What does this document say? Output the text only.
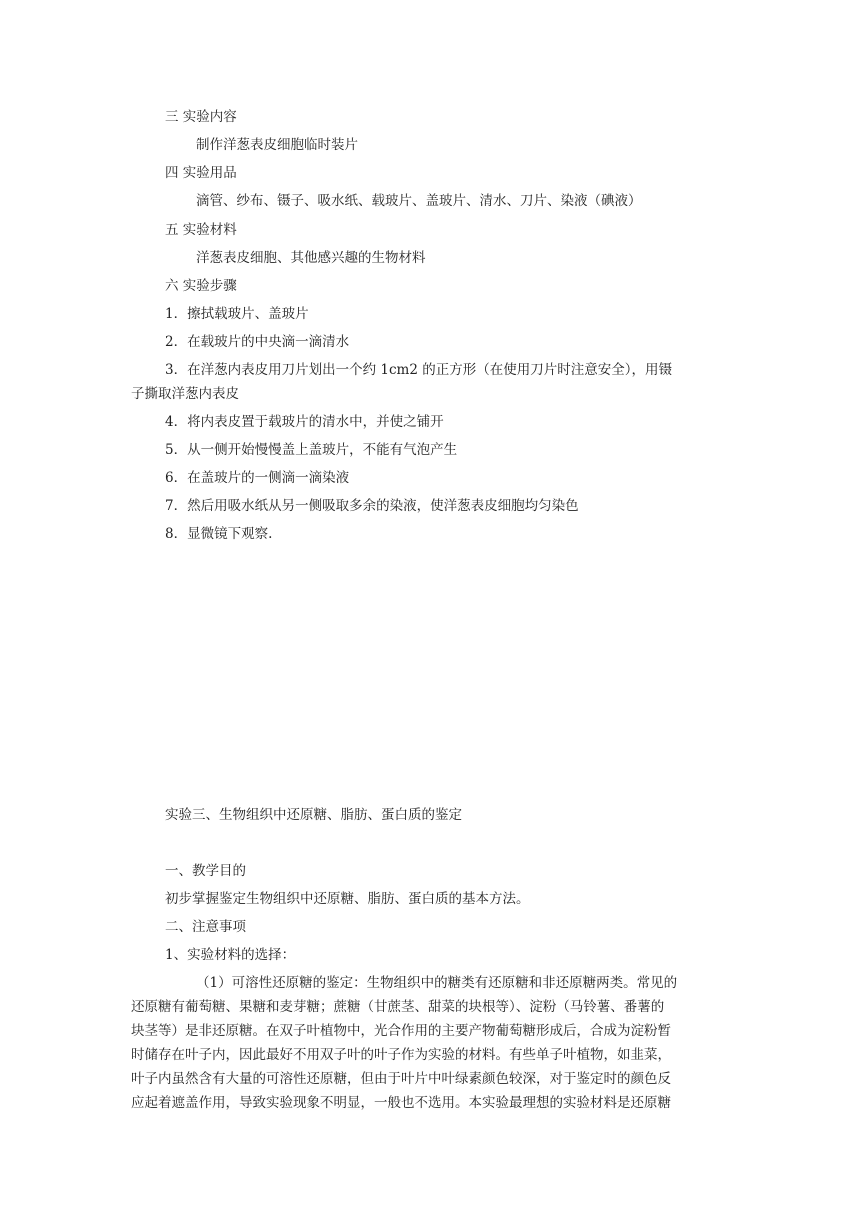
三 实验内容
制作洋葱表皮细胞临时装片
四 实验用品
滴管、纱布、镊子、吸水纸、载玻片、盖玻片、清水、刀片、染液（碘液）
五 实验材料
洋葱表皮细胞、其他感兴趣的生物材料
六 实验步骤
1．擦拭载玻片、盖玻片
2．在载玻片的中央滴一滴清水
3．在洋葱内表皮用刀片划出一个约 1cm2 的正方形（在使用刀片时注意安全），用镊
子撕取洋葱内表皮
4．将内表皮置于载玻片的清水中，并使之铺开
5．从一侧开始慢慢盖上盖玻片，不能有气泡产生
6．在盖玻片的一侧滴一滴染液
7．然后用吸水纸从另一侧吸取多余的染液，使洋葱表皮细胞均匀染色
8．显微镜下观察.
实验三、生物组织中还原糖、脂肪、蛋白质的鉴定
一、教学目的
初步掌握鉴定生物组织中还原糖、脂肪、蛋白质的基本方法。
二、注意事项
1、实验材料的选择：
（1）可溶性还原糖的鉴定：生物组织中的糖类有还原糖和非还原糖两类。常见的
还原糖有葡萄糖、果糖和麦芽糖；蔗糖（甘蔗茎、甜菜的块根等）、淀粉（马铃薯、番薯的
块茎等）是非还原糖。在双子叶植物中，光合作用的主要产物葡萄糖形成后，合成为淀粉暂
时储存在叶子内，因此最好不用双子叶的叶子作为实验的材料。有些单子叶植物，如韭菜，
叶子内虽然含有大量的可溶性还原糖，但由于叶片中叶绿素颜色较深，对于鉴定时的颜色反
应起着遮盖作用，导致实验现象不明显，一般也不选用。本实验最理想的实验材料是还原糖
